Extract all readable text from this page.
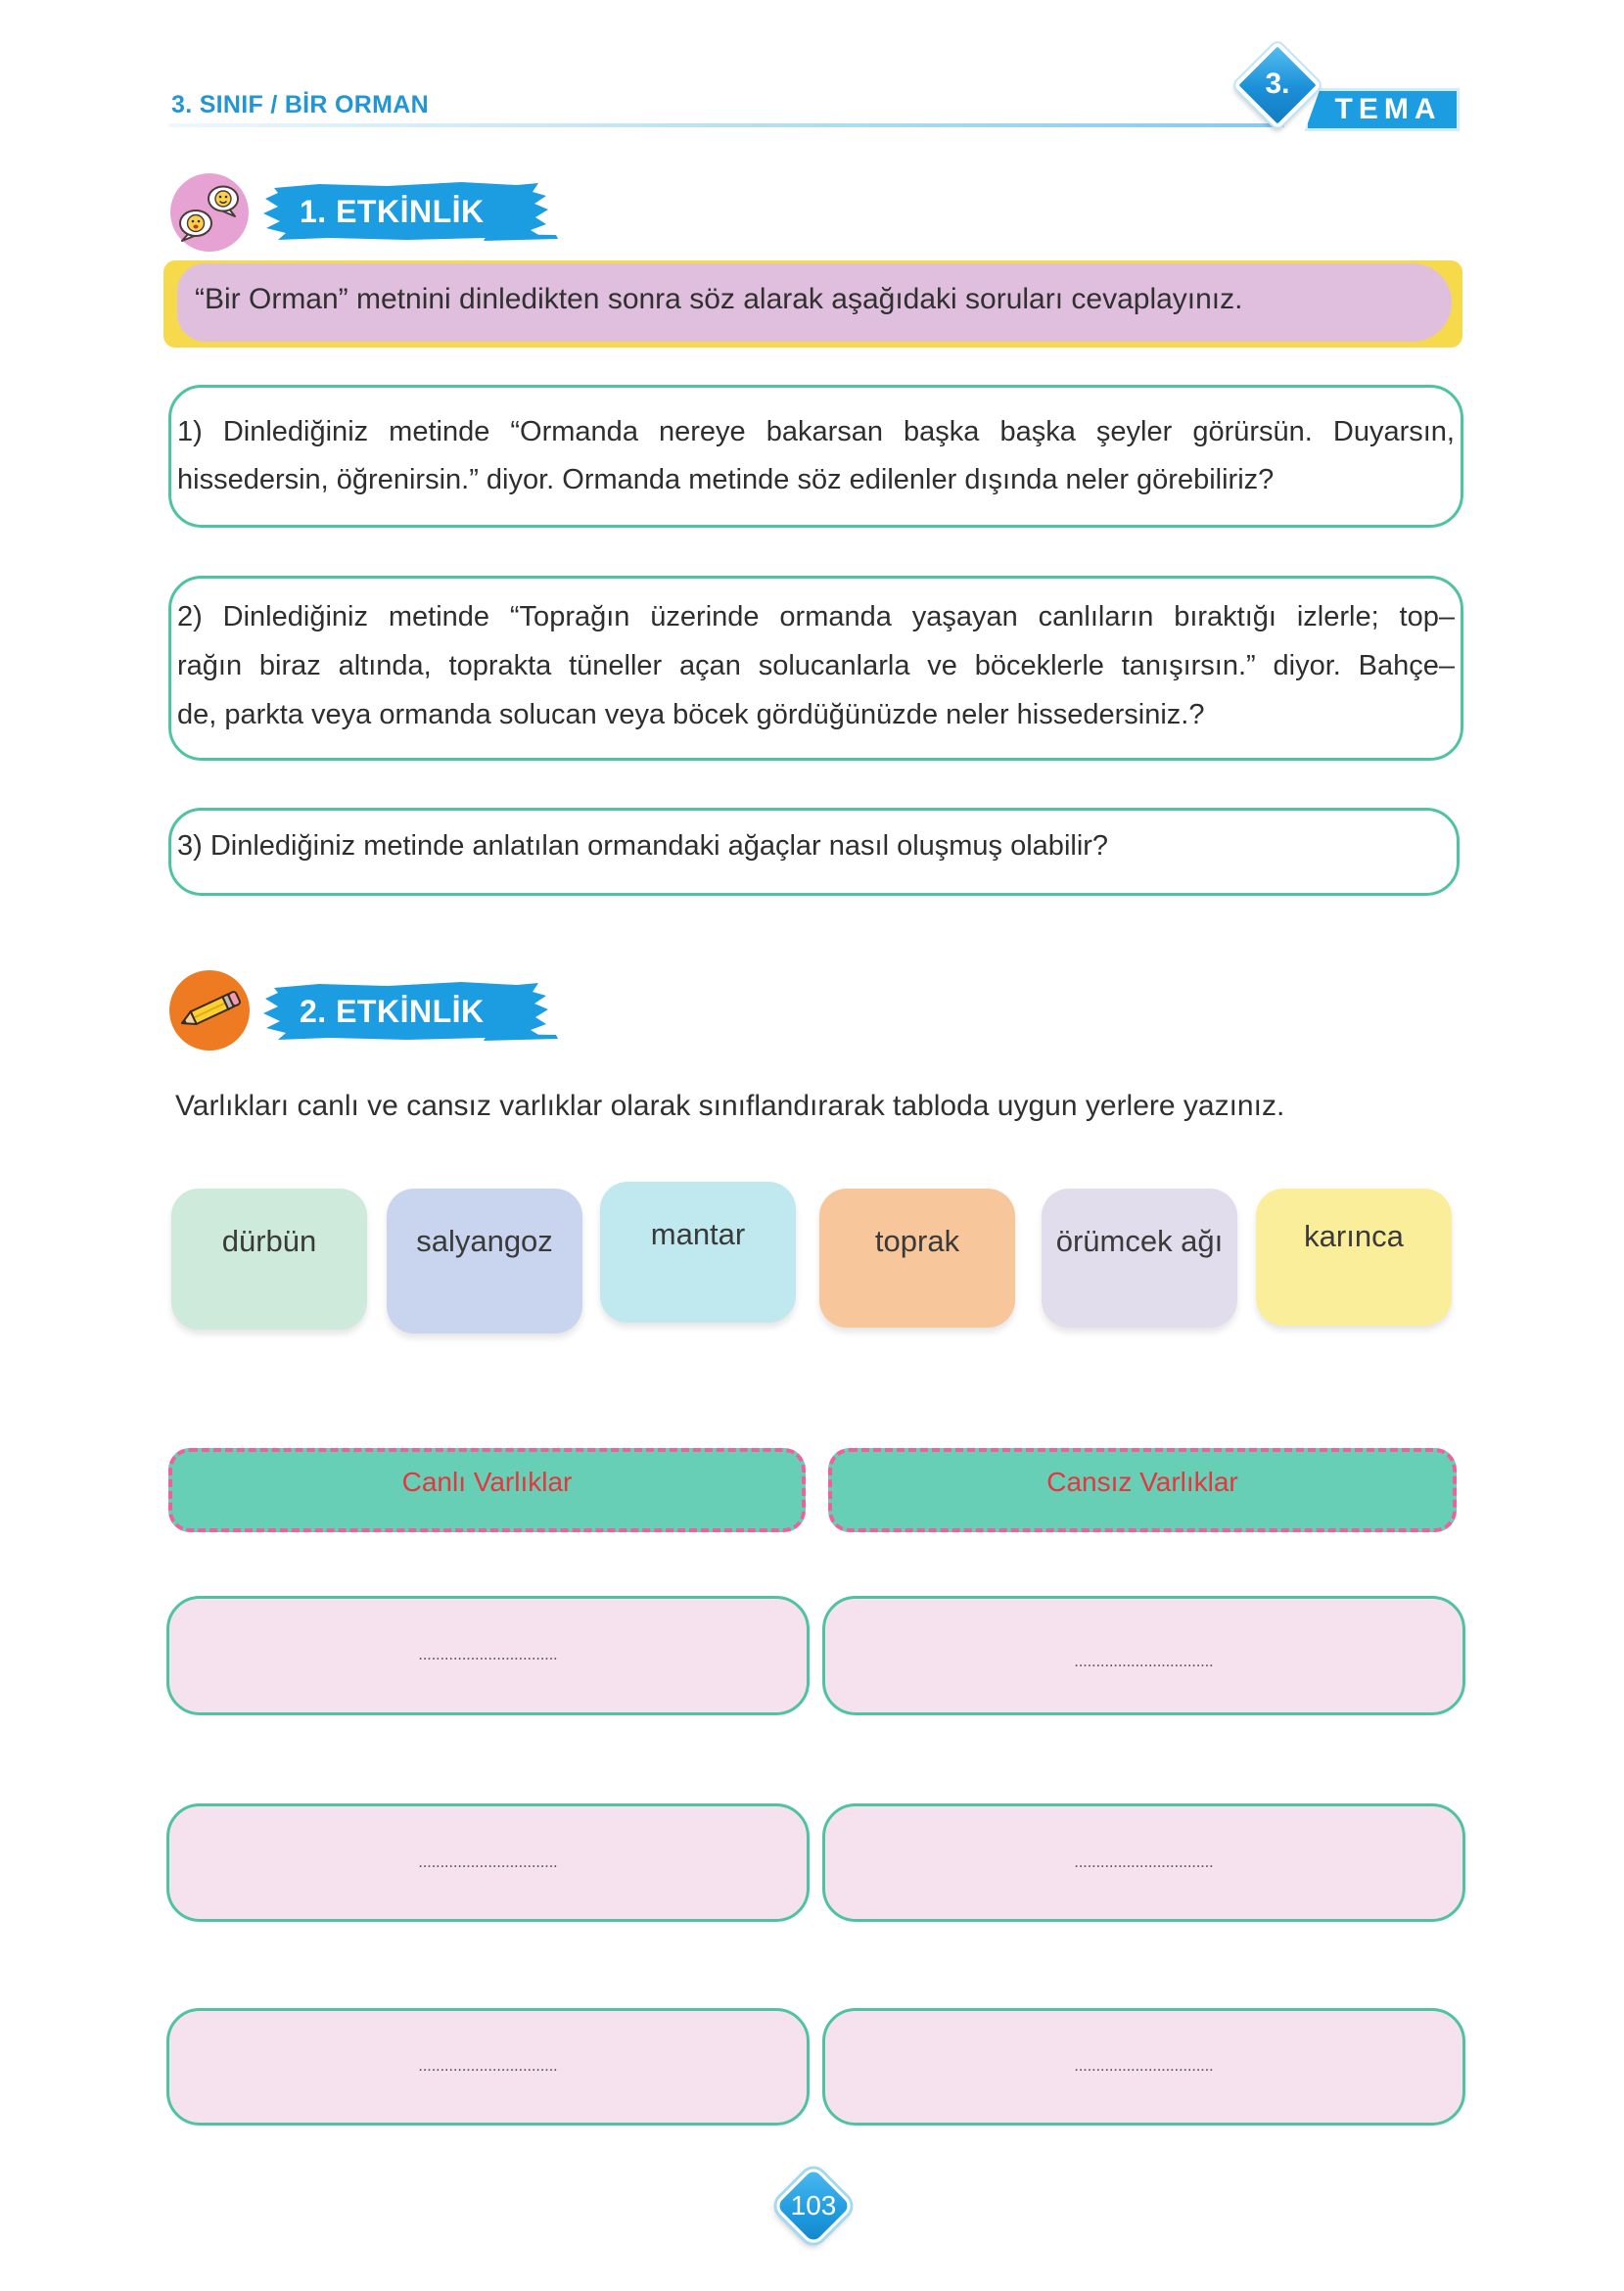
3. SINIF / BİR ORMAN	TEMA
3.
1. ETKİNLİK
“Bir Orman” metnini dinledikten sonra söz alarak aşağıdaki soruları cevaplayınız.
1) Dinlediğiniz metinde “Ormanda nereye bakarsan başka başka şeyler görürsün. Duyarsın,
hissedersin, öğrenirsin.” diyor. Ormanda metinde söz edilenler dışında neler görebiliriz?
2) Dinlediğiniz metinde “Toprağın üzerinde ormanda yaşayan canlıların bıraktığı izlerle; top–
rağın biraz altında, toprakta tüneller açan solucanlarla ve böceklerle tanışırsın.” diyor. Bahçe–
de, parkta veya ormanda solucan veya böcek gördüğünüzde neler hissedersiniz.?
3) Dinlediğiniz metinde anlatılan ormandaki ağaçlar nasıl oluşmuş olabilir?
2. ETKİNLİK
Varlıkları canlı ve cansız varlıklar olarak sınıflandırarak tabloda uygun yerlere yazınız.
dürbün	salyangoz	mantar	toprak	örümcek ağı	karınca
Canlı Varlıklar	Cansız Varlıklar
................................	................................
................................	................................
................................	................................
103
